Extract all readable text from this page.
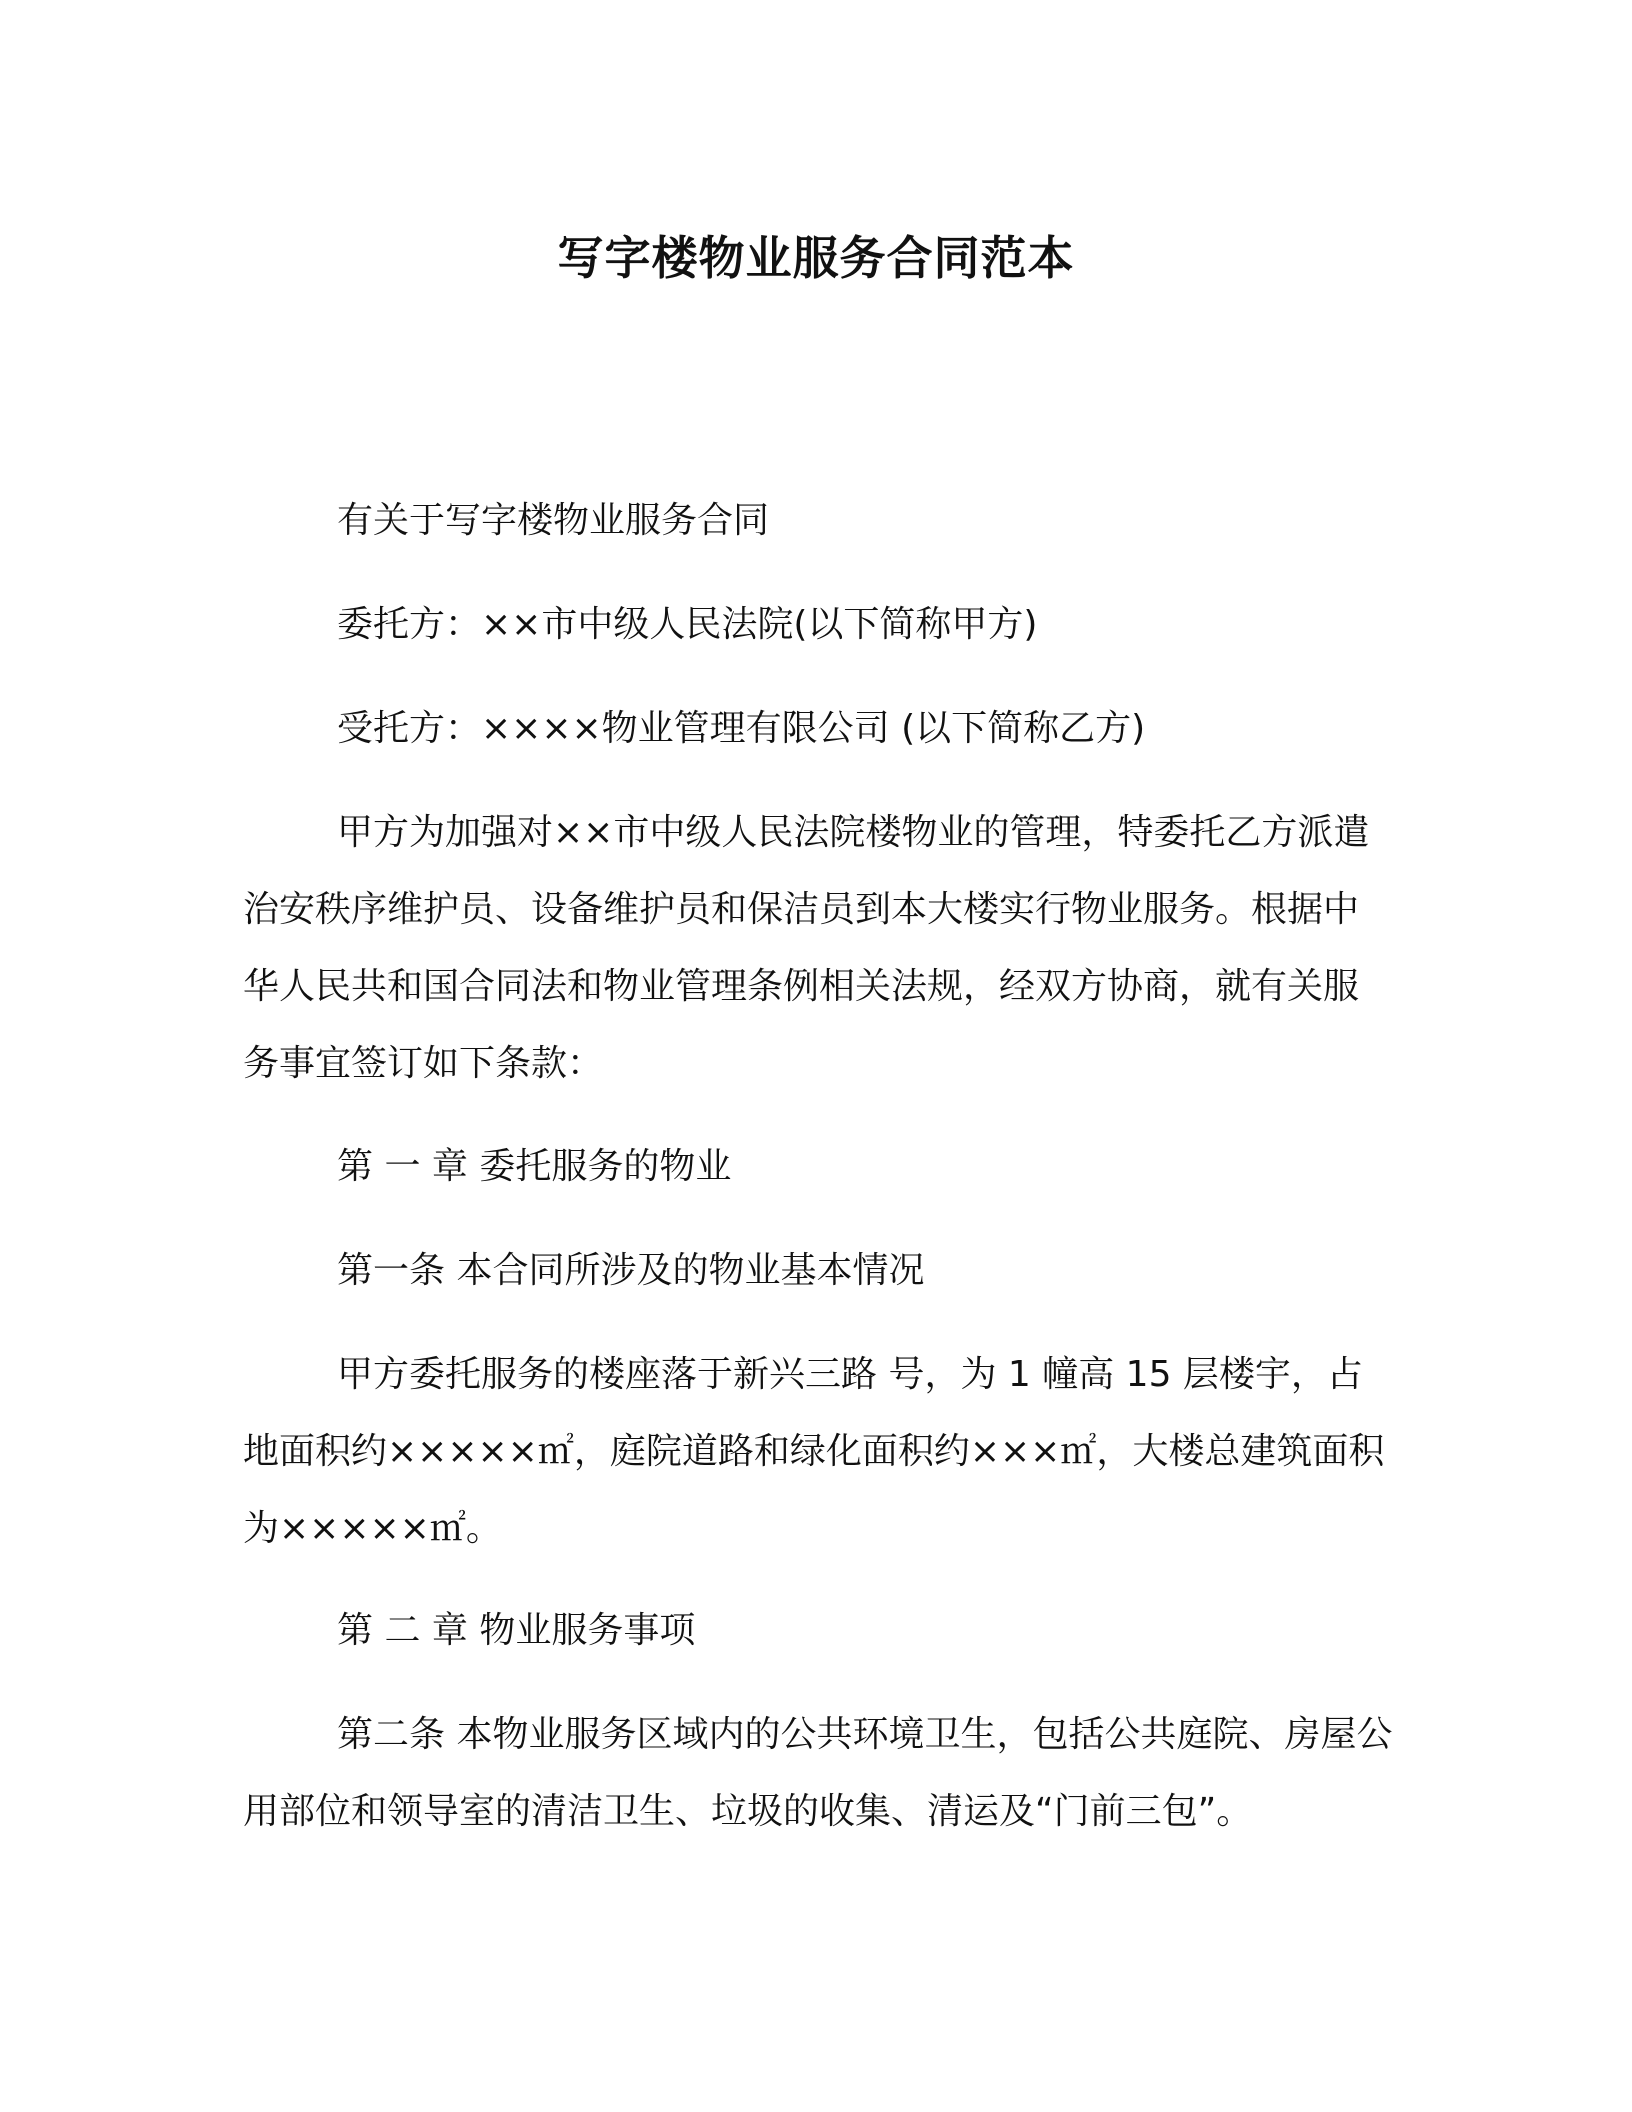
写字楼物业服务合同范本

有关于写字楼物业服务合同

委托方：××市中级人民法院(以下简称甲方)

受托方：××××物业管理有限公司 (以下简称乙方)

甲方为加强对××市中级人民法院楼物业的管理，特委托乙方派遣治安秩序维护员、设备维护员和保洁员到本大楼实行物业服务。根据中华人民共和国合同法和物业管理条例相关法规，经双方协商，就有关服务事宜签订如下条款：

第 一 章 委托服务的物业

第一条 本合同所涉及的物业基本情况

甲方委托服务的楼座落于新兴三路 号，为 1 幢高 15 层楼宇，占地面积约×××××㎡，庭院道路和绿化面积约×××㎡，大楼总建筑面积为×××××㎡。

第 二 章 物业服务事项

第二条 本物业服务区域内的公共环境卫生，包括公共庭院、房屋公用部位和领导室的清洁卫生、垃圾的收集、清运及“门前三包”。
